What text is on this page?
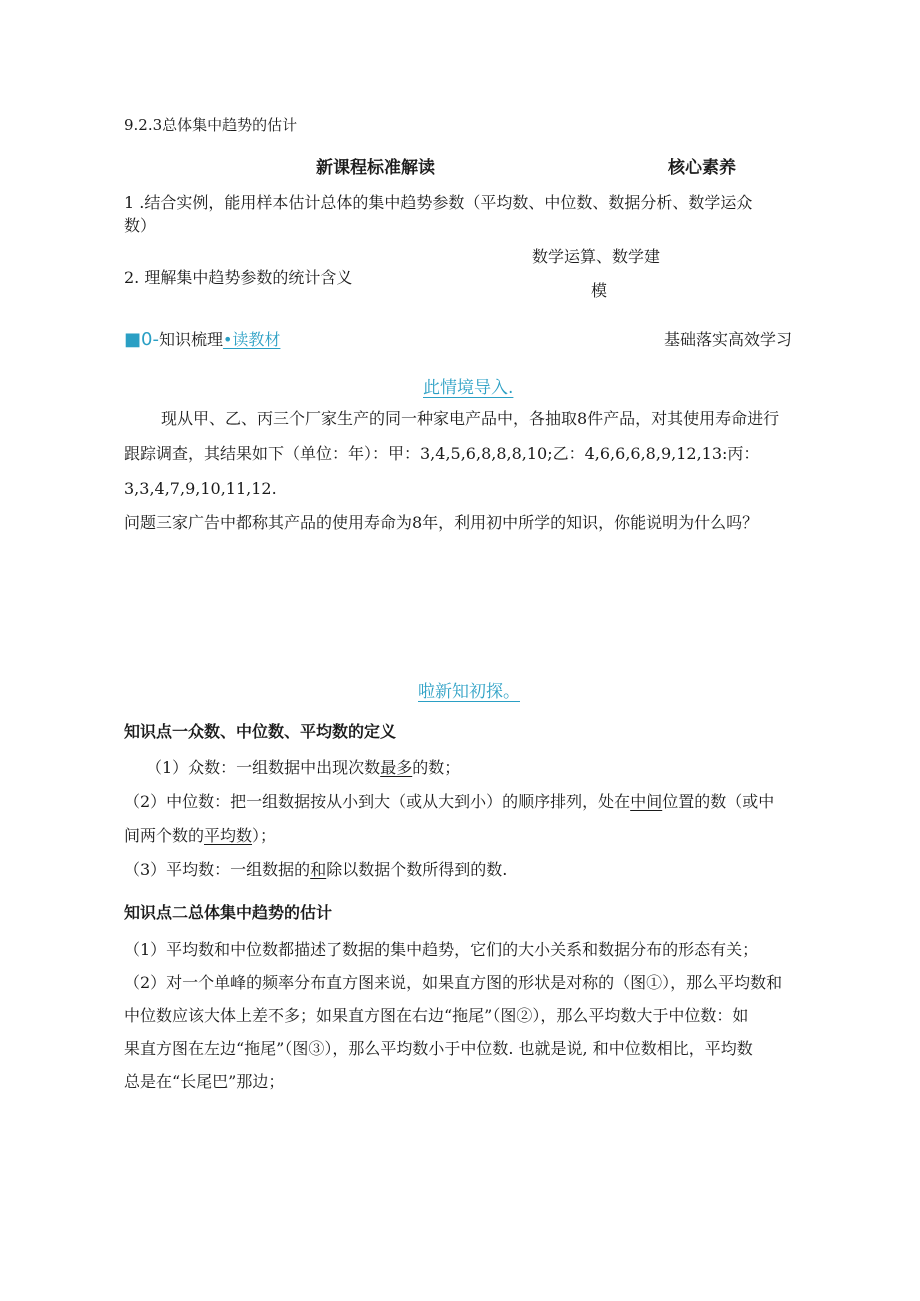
9.2.3总体集中趋势的估计
新课程标准解读	核心素养
1 .结合实例，能用样本估计总体的集中趋势参数（平均数、中位数、数据分析、数学运众
数）
数学运算、数学建
2. 理解集中趋势参数的统计含义
模
■0-知识梳理•读教材	基础落实高效学习
此情境导入.
现从甲、乙、丙三个厂家生产的同一种家电产品中，各抽取8件产品，对其使用寿命进行
跟踪调查，其结果如下（单位：年）：甲：3,4,5,6,8,8,8,10;乙：4,6,6,6,8,9,12,13:丙：
3,3,4,7,9,10,11,12.
问题三家广告中都称其产品的使用寿命为8年，利用初中所学的知识，你能说明为什么吗？
啦新知初探。
知识点一众数、中位数、平均数的定义
（1）众数：一组数据中出现次数最多的数；
（2）中位数：把一组数据按从小到大（或从大到小）的顺序排列，处在中间位置的数（或中
间两个数的平均数）；
（3）平均数：一组数据的和除以数据个数所得到的数.
知识点二总体集中趋势的估计
（1）平均数和中位数都描述了数据的集中趋势，它们的大小关系和数据分布的形态有关；
（2）对一个单峰的频率分布直方图来说，如果直方图的形状是对称的（图①），那么平均数和
中位数应该大体上差不多；如果直方图在右边“拖尾”（图②），那么平均数大于中位数：如
果直方图在左边“拖尾”（图③），那么平均数小于中位数. 也就是说, 和中位数相比，平均数
总是在“长尾巴”那边；
